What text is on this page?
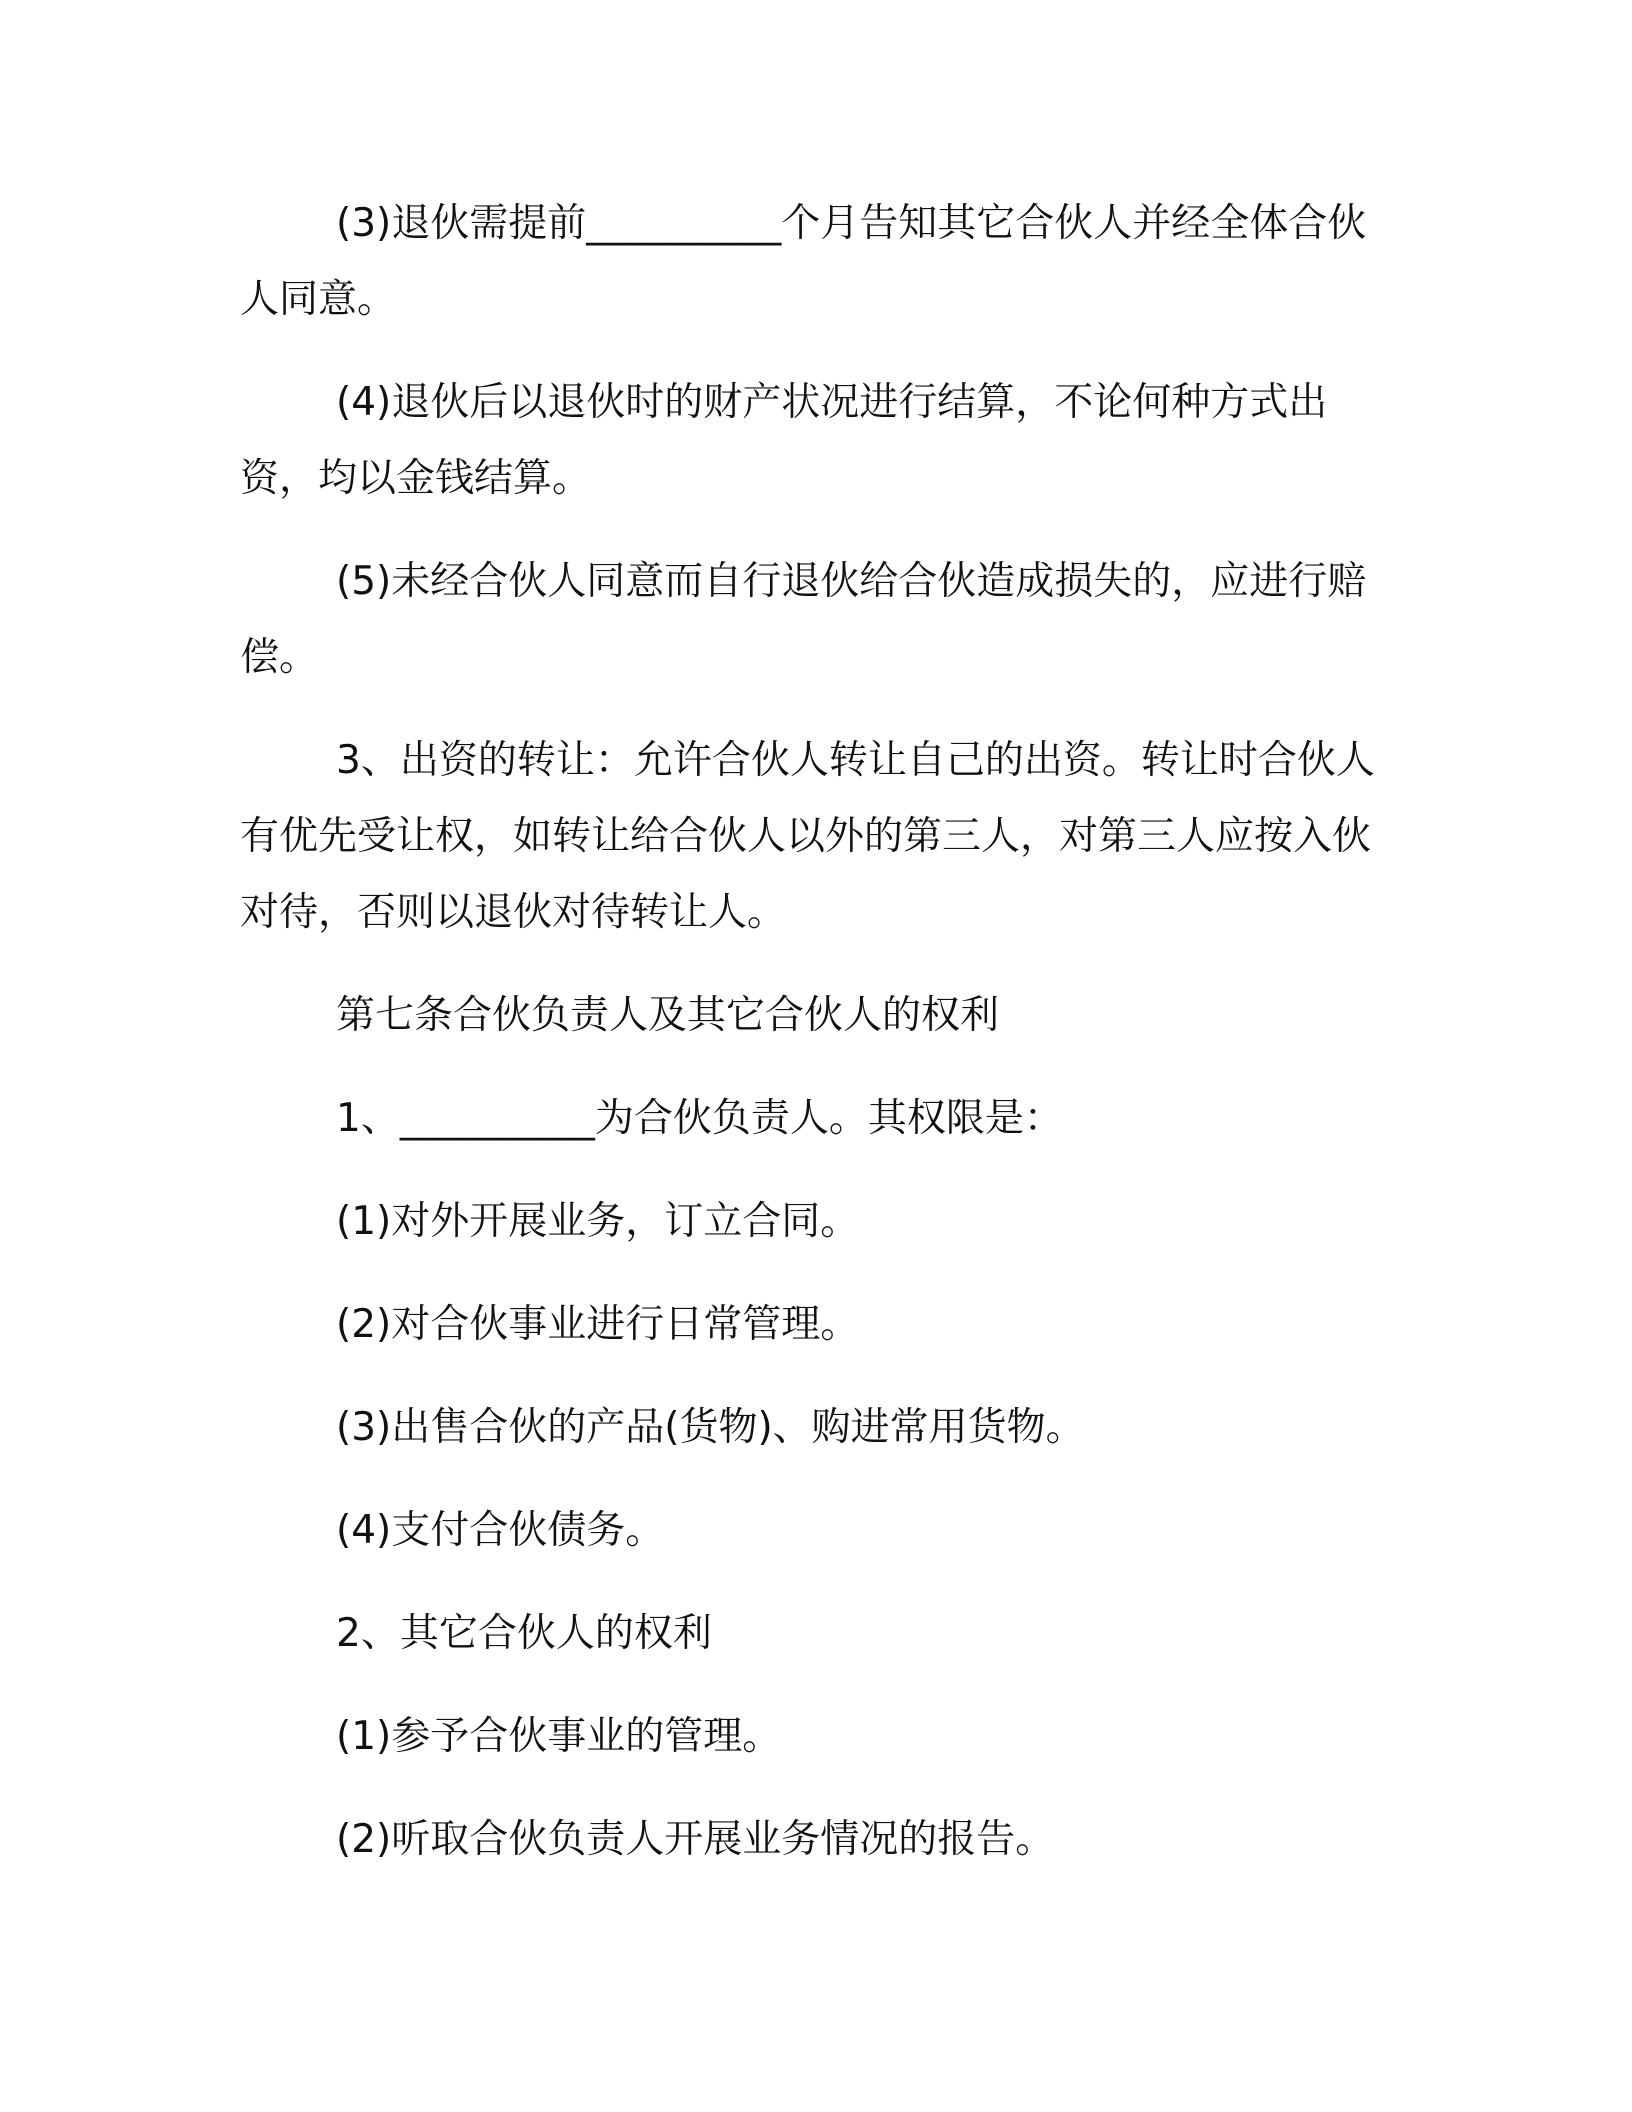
(3)退伙需提前__________个月告知其它合伙人并经全体合伙人同意。

(4)退伙后以退伙时的财产状况进行结算，不论何种方式出资，均以金钱结算。

(5)未经合伙人同意而自行退伙给合伙造成损失的，应进行赔偿。

3、出资的转让：允许合伙人转让自己的出资。转让时合伙人有优先受让权，如转让给合伙人以外的第三人，对第三人应按入伙对待，否则以退伙对待转让人。

第七条合伙负责人及其它合伙人的权利

1、__________为合伙负责人。其权限是：

(1)对外开展业务，订立合同。

(2)对合伙事业进行日常管理。

(3)出售合伙的产品(货物)、购进常用货物。

(4)支付合伙债务。

2、其它合伙人的权利

(1)参予合伙事业的管理。

(2)听取合伙负责人开展业务情况的报告。
